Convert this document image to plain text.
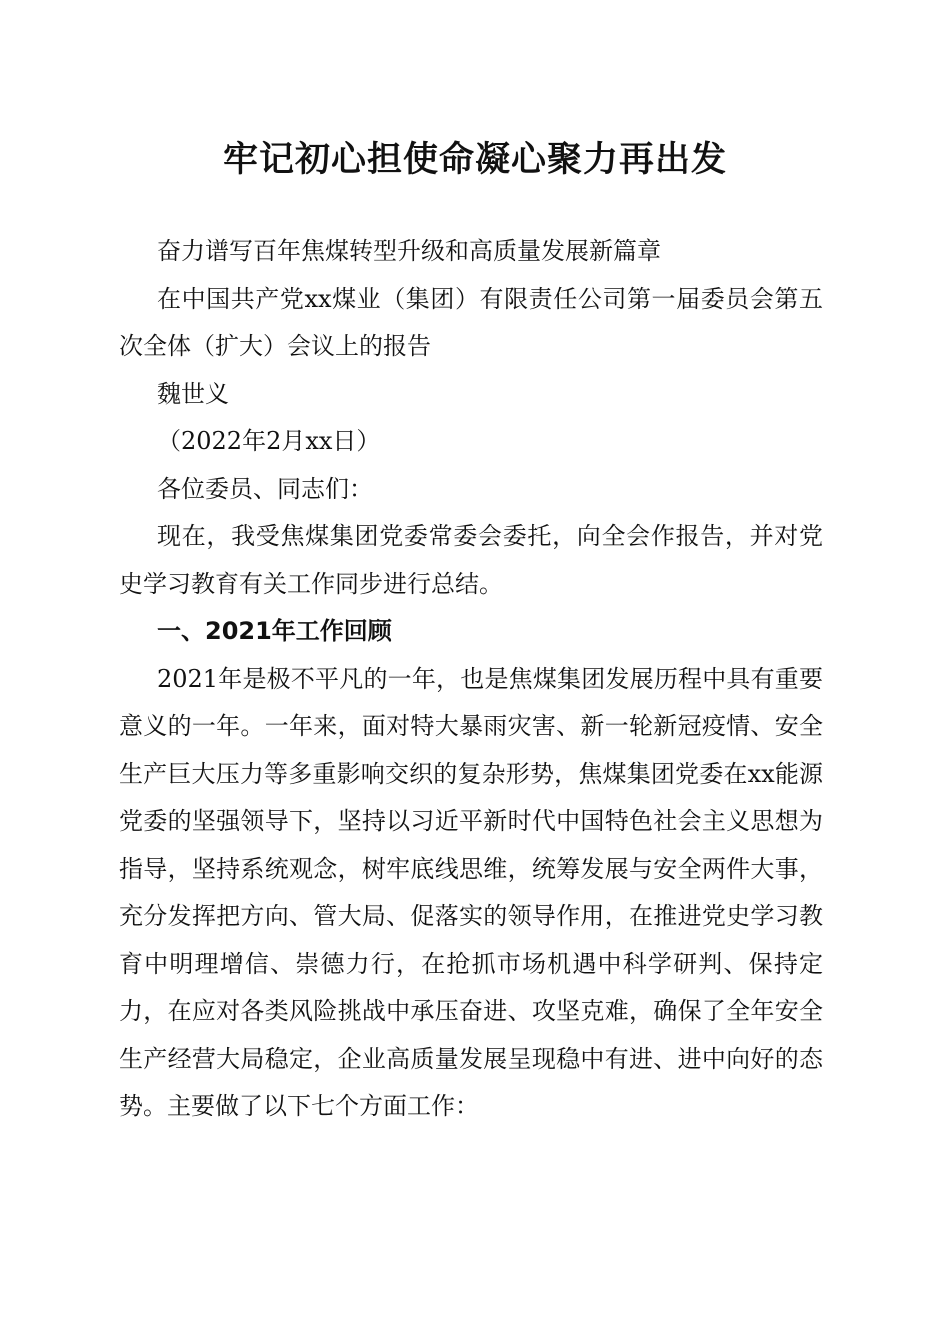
牢记初心担使命凝心聚力再出发

奋力谱写百年焦煤转型升级和高质量发展新篇章

在中国共产党xx煤业（集团）有限责任公司第一届委员会第五次全体（扩大）会议上的报告

魏世义

（2022年2月xx日）

各位委员、同志们：

现在，我受焦煤集团党委常委会委托，向全会作报告，并对党史学习教育有关工作同步进行总结。

一、2021年工作回顾

2021年是极不平凡的一年，也是焦煤集团发展历程中具有重要意义的一年。一年来，面对特大暴雨灾害、新一轮新冠疫情、安全生产巨大压力等多重影响交织的复杂形势，焦煤集团党委在xx能源党委的坚强领导下，坚持以习近平新时代中国特色社会主义思想为指导，坚持系统观念，树牢底线思维，统筹发展与安全两件大事，充分发挥把方向、管大局、促落实的领导作用，在推进党史学习教育中明理增信、崇德力行，在抢抓市场机遇中科学研判、保持定力，在应对各类风险挑战中承压奋进、攻坚克难，确保了全年安全生产经营大局稳定，企业高质量发展呈现稳中有进、进中向好的态势。主要做了以下七个方面工作：
